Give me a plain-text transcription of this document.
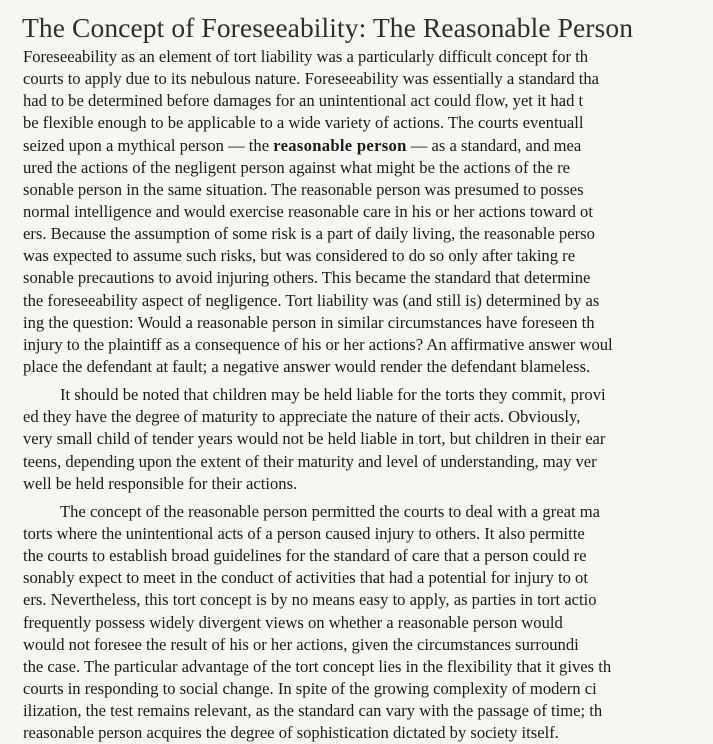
The Concept of Foreseeability: The Reasonable Person
Foreseeability as an element of tort liability was a particularly difficult concept for th
courts to apply due to its nebulous nature. Foreseeability was essentially a standard tha
had to be determined before damages for an unintentional act could flow, yet it had t
be flexible enough to be applicable to a wide variety of actions. The courts eventuall
seized upon a mythical person — the reasonable person — as a standard, and mea
ured the actions of the negligent person against what might be the actions of the re
sonable person in the same situation. The reasonable person was presumed to posses
normal intelligence and would exercise reasonable care in his or her actions toward ot
ers. Because the assumption of some risk is a part of daily living, the reasonable perso
was expected to assume such risks, but was considered to do so only after taking re
sonable precautions to avoid injuring others. This became the standard that determine
the foreseeability aspect of negligence. Tort liability was (and still is) determined by as
ing the question: Would a reasonable person in similar circumstances have foreseen th
injury to the plaintiff as a consequence of his or her actions? An affirmative answer woul
place the defendant at fault; a negative answer would render the defendant blameless.
It should be noted that children may be held liable for the torts they commit, provi
ed they have the degree of maturity to appreciate the nature of their acts. Obviously,
very small child of tender years would not be held liable in tort, but children in their ear
teens, depending upon the extent of their maturity and level of understanding, may ver
well be held responsible for their actions.
The concept of the reasonable person permitted the courts to deal with a great ma
torts where the unintentional acts of a person caused injury to others. It also permitte
the courts to establish broad guidelines for the standard of care that a person could re
sonably expect to meet in the conduct of activities that had a potential for injury to ot
ers. Nevertheless, this tort concept is by no means easy to apply, as parties in tort actio
frequently possess widely divergent views on whether a reasonable person would
would not foresee the result of his or her actions, given the circumstances surroundi
the case. The particular advantage of the tort concept lies in the flexibility that it gives th
courts in responding to social change. In spite of the growing complexity of modern ci
ilization, the test remains relevant, as the standard can vary with the passage of time; th
reasonable person acquires the degree of sophistication dictated by society itself.
